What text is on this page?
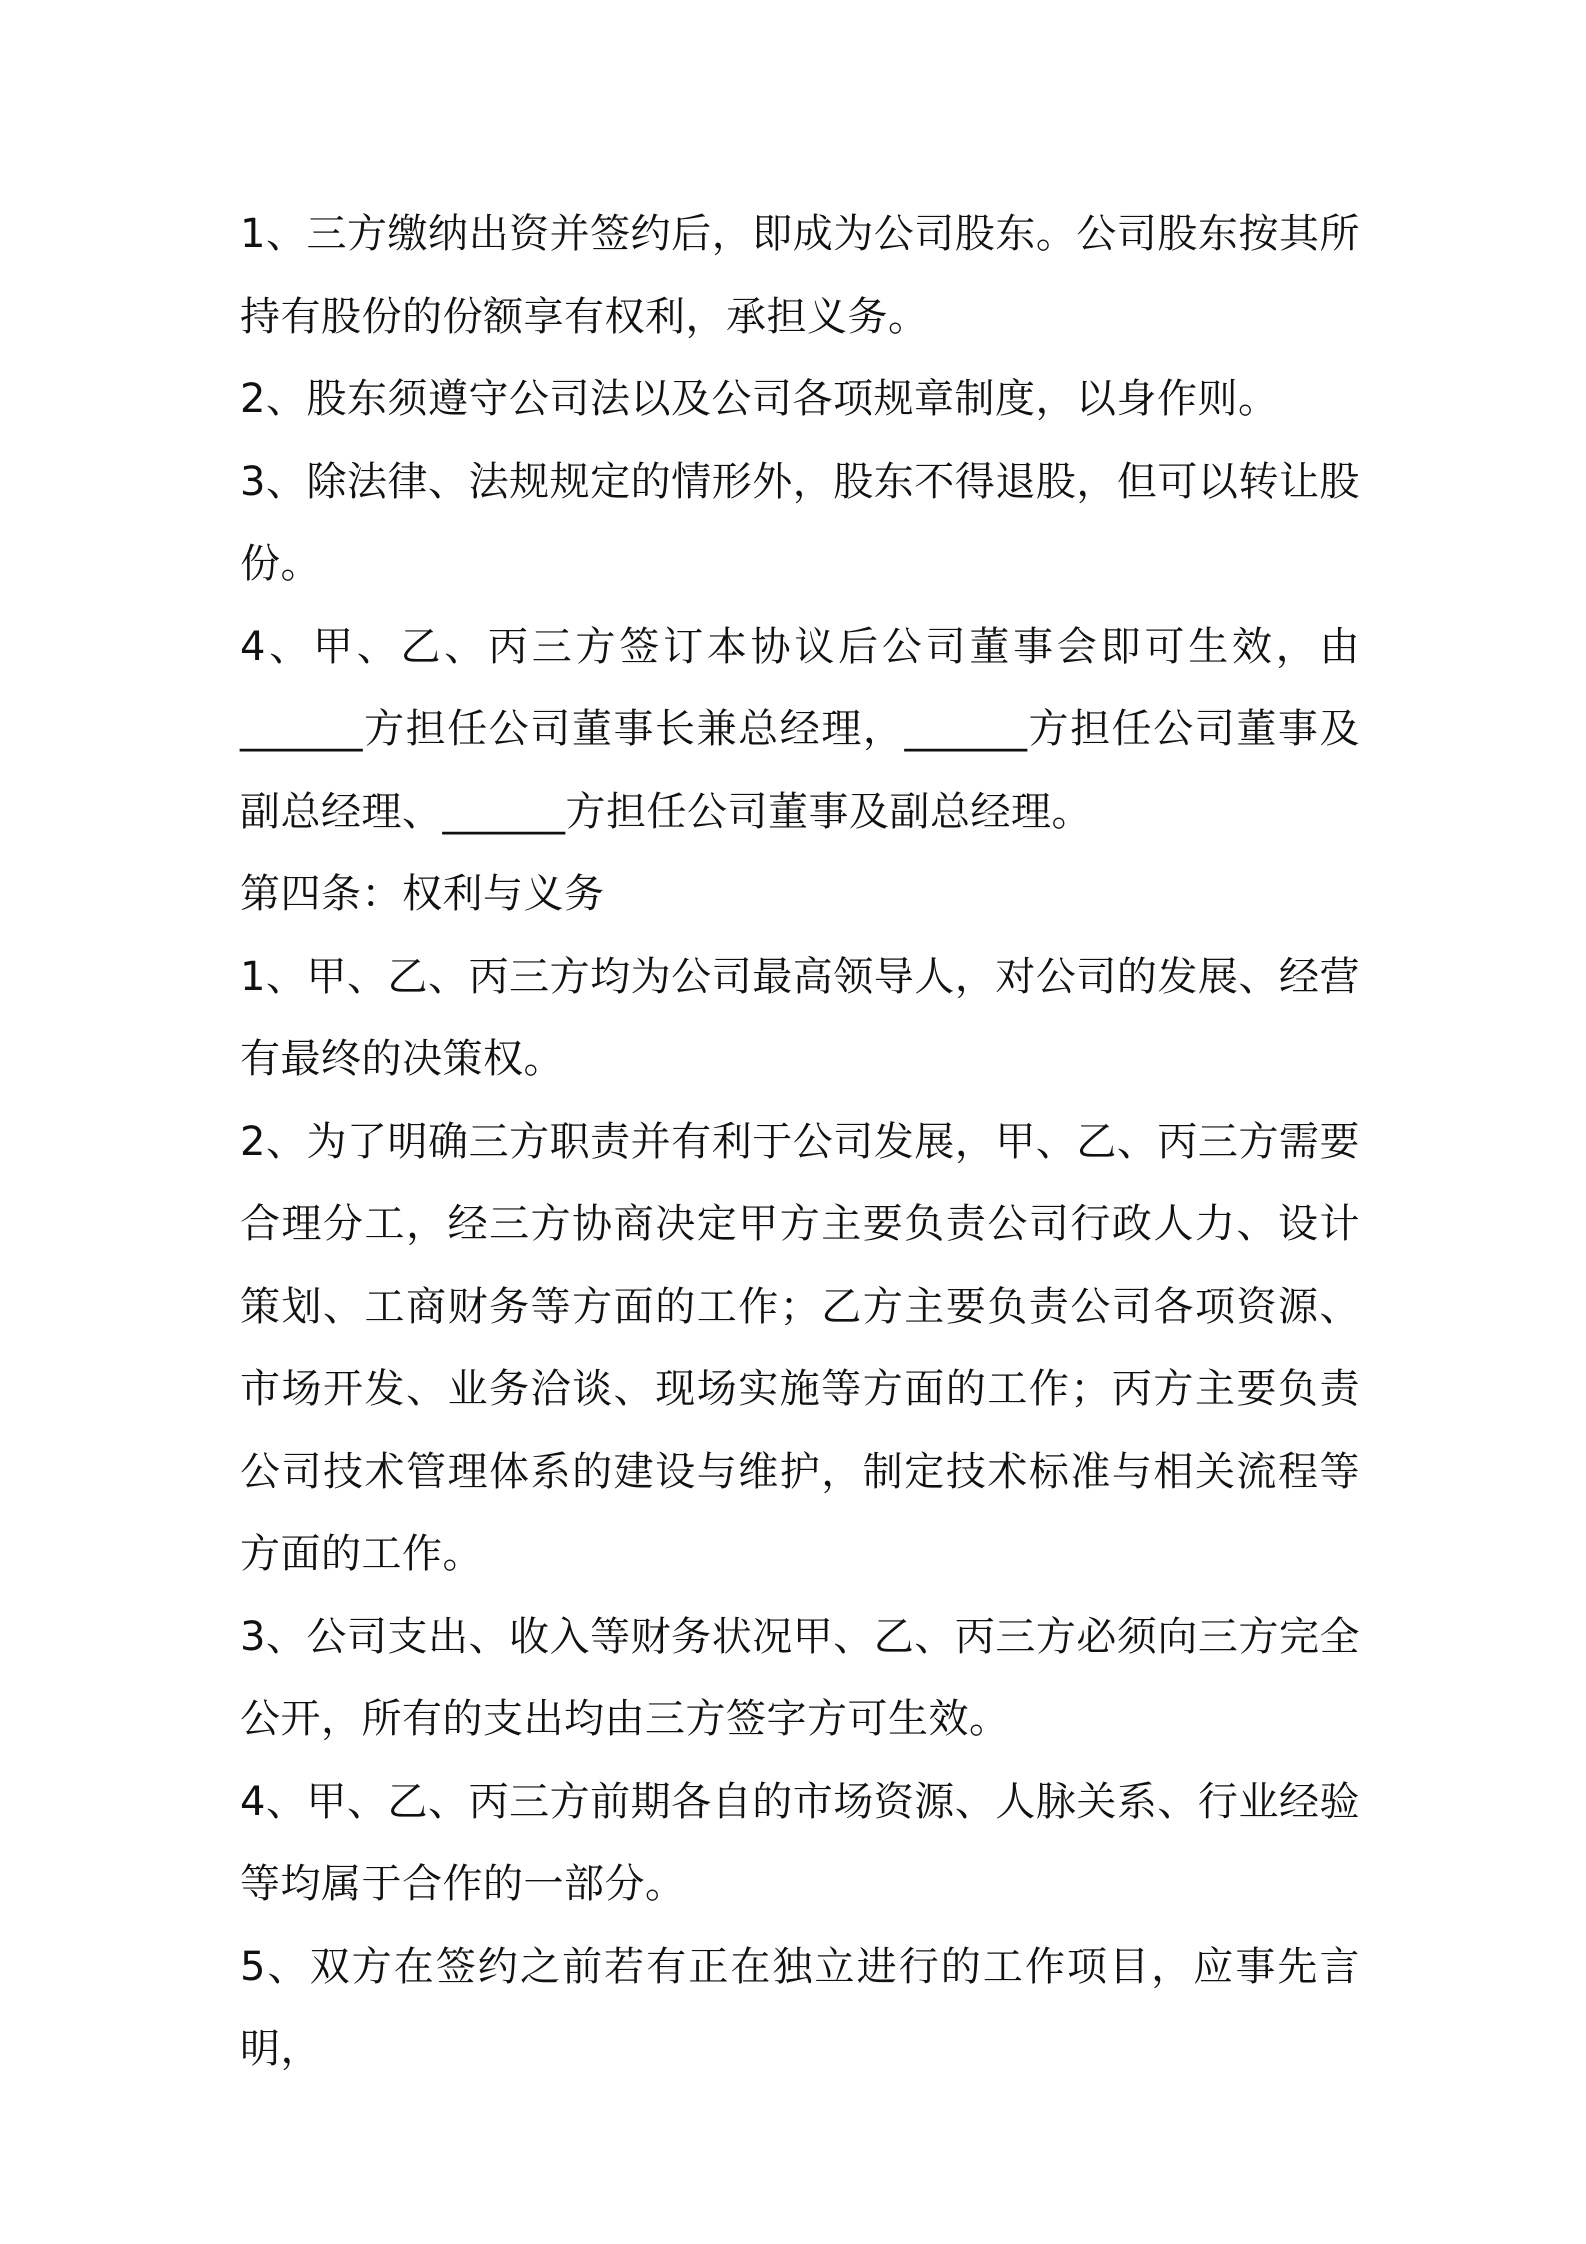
1、三方缴纳出资并签约后，即成为公司股东。公司股东按其所持有股份的份额享有权利，承担义务。

2、股东须遵守公司法以及公司各项规章制度，以身作则。

3、除法律、法规规定的情形外，股东不得退股，但可以转让股份。

4、甲、乙、丙三方签订本协议后公司董事会即可生效，由______方担任公司董事长兼总经理，______方担任公司董事及副总经理、______方担任公司董事及副总经理。

第四条：权利与义务

1、甲、乙、丙三方均为公司最高领导人，对公司的发展、经营有最终的决策权。

2、为了明确三方职责并有利于公司发展，甲、乙、丙三方需要合理分工，经三方协商决定甲方主要负责公司行政人力、设计策划、工商财务等方面的工作；乙方主要负责公司各项资源、市场开发、业务洽谈、现场实施等方面的工作；丙方主要负责公司技术管理体系的建设与维护，制定技术标准与相关流程等方面的工作。

3、公司支出、收入等财务状况甲、乙、丙三方必须向三方完全公开，所有的支出均由三方签字方可生效。

4、甲、乙、丙三方前期各自的市场资源、人脉关系、行业经验等均属于合作的一部分。

5、双方在签约之前若有正在独立进行的工作项目，应事先言明，
